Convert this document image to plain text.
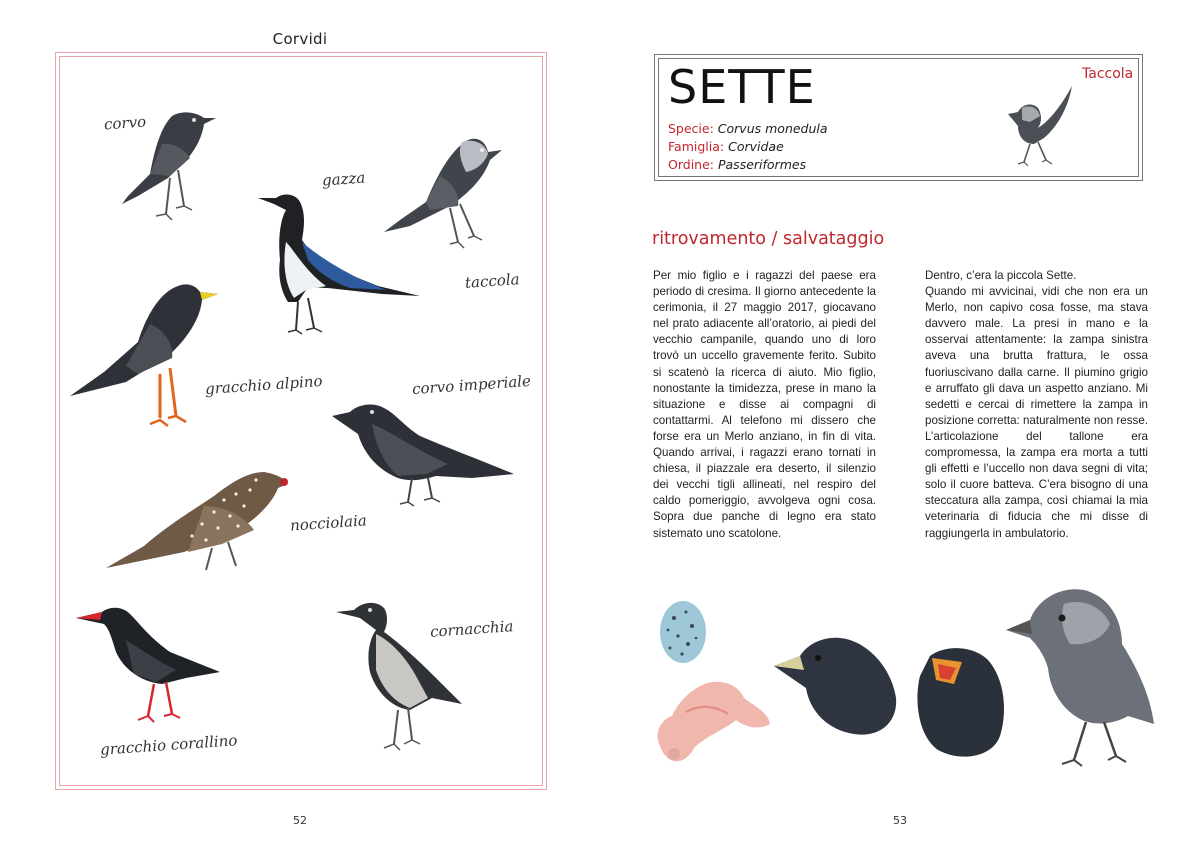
Corvidi
corvo
gazza
taccola
gracchio alpino	corvo imperiale
nocciolaia
cornacchia
gracchio corallino
52
SETTE	Taccola
Specie: Corvus monedula
Famiglia: Corvidae
Ordine: Passeriformes
ritrovamento / salvataggio

Per mio figlio e i ragazzi del paese era periodo di cresima. Il giorno antecedente la cerimonia, il 27 maggio 2017, giocavano nel prato adiacente all’oratorio, ai piedi del vecchio campanile, quando uno di loro trovò un uccello gravemente ferito. Subito si scatenò la ricerca di aiuto. Mio figlio, nonostante la timidezza, prese in mano la situazione e disse ai compagni di contattarmi. Al telefono mi dissero che forse era un Merlo anziano, in fin di vita. Quando arrivai, i ragazzi erano tornati in chiesa, il piazzale era deserto, il silenzio dei vecchi tigli allineati, nel respiro del caldo pomeriggio, avvolgeva ogni cosa. Sopra due panche di legno era stato sistemato uno scatolone.

Dentro, c’era la piccola Sette.

Quando mi avvicinai, vidi che non era un Merlo, non capivo cosa fosse, ma stava davvero male. La presi in mano e la osservai attentamente: la zampa sinistra aveva una brutta frattura, le ossa fuoriuscivano dalla carne. Il piumino grigio e arruffato gli dava un aspetto anziano. Mi sedetti e cercai di rimettere la zampa in posizione corretta: naturalmente non resse. L’articolazione del tallone era compromessa, la zampa era morta a tutti gli effetti e l’uccello non dava segni di vita; solo il cuore batteva. C’era bisogno di una steccatura alla zampa, così chiamai la mia veterinaria di fiducia che mi disse di raggiungerla in ambulatorio.

53
